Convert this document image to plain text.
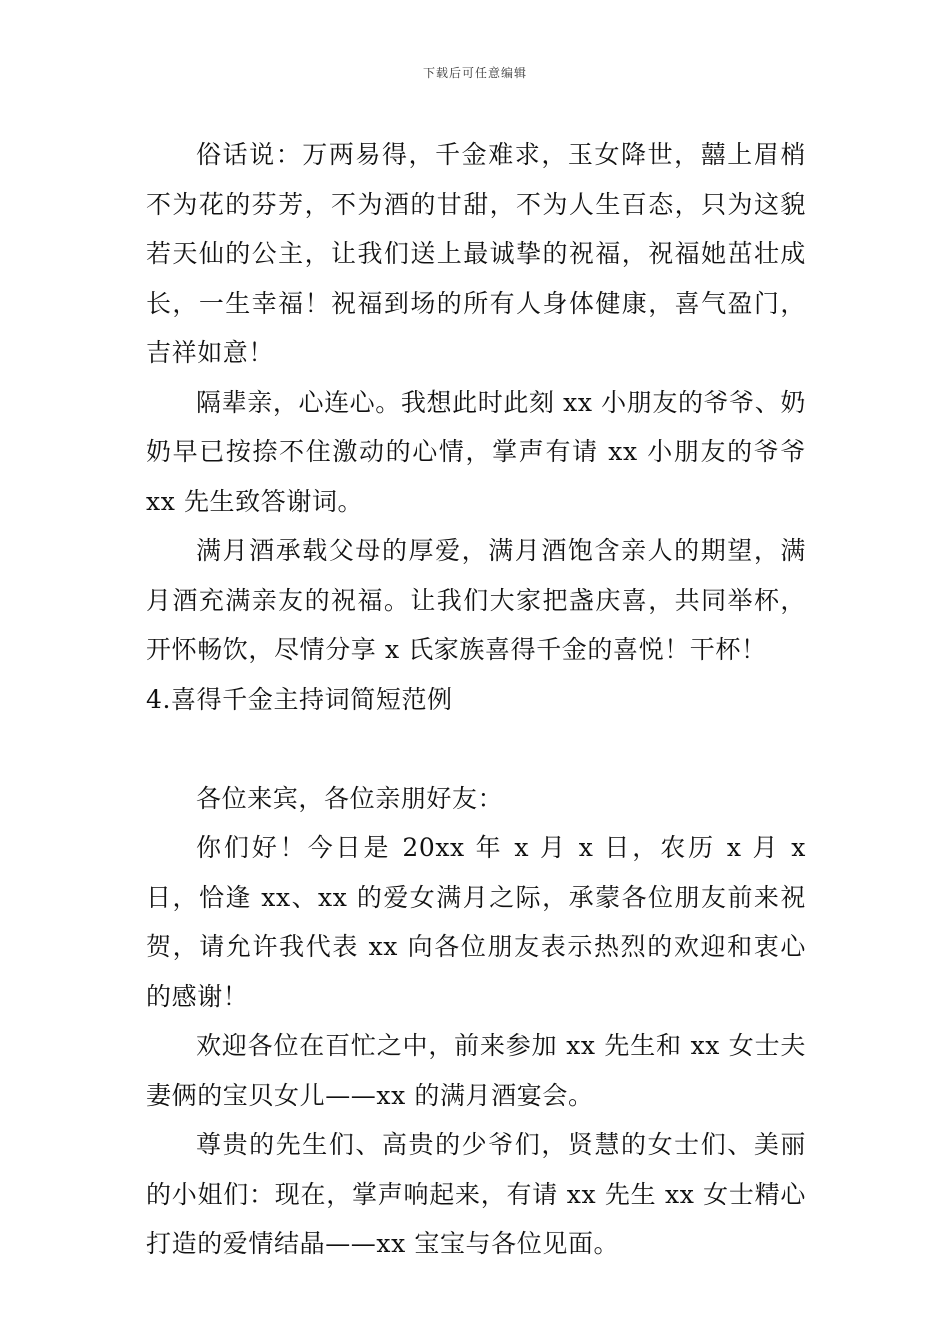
下载后可任意编辑

俗话说：万两易得，千金难求，玉女降世，囍上眉梢不为花的芬芳，不为酒的甘甜，不为人生百态，只为这貌若天仙的公主，让我们送上最诚挚的祝福，祝福她茁壮成长，一生幸福！祝福到场的所有人身体健康，喜气盈门，吉祥如意！

隔辈亲，心连心。我想此时此刻 xx 小朋友的爷爷、奶奶早已按捺不住激动的心情，掌声有请 xx 小朋友的爷爷 xx 先生致答谢词。

满月酒承载父母的厚爱，满月酒饱含亲人的期望，满月酒充满亲友的祝福。让我们大家把盏庆喜，共同举杯，开怀畅饮，尽情分享 x 氏家族喜得千金的喜悦！干杯！

4.喜得千金主持词简短范例

各位来宾，各位亲朋好友：

你们好！今日是 20xx 年 x 月 x 日，农历 x 月 x 日，恰逢 xx、xx 的爱女满月之际，承蒙各位朋友前来祝贺，请允许我代表 xx 向各位朋友表示热烈的欢迎和衷心的感谢！

欢迎各位在百忙之中，前来参加 xx 先生和 xx 女士夫妻俩的宝贝女儿——xx 的满月酒宴会。

尊贵的先生们、高贵的少爷们，贤慧的女士们、美丽的小姐们：现在，掌声响起来，有请 xx 先生 xx 女士精心打造的爱情结晶——xx 宝宝与各位见面。
